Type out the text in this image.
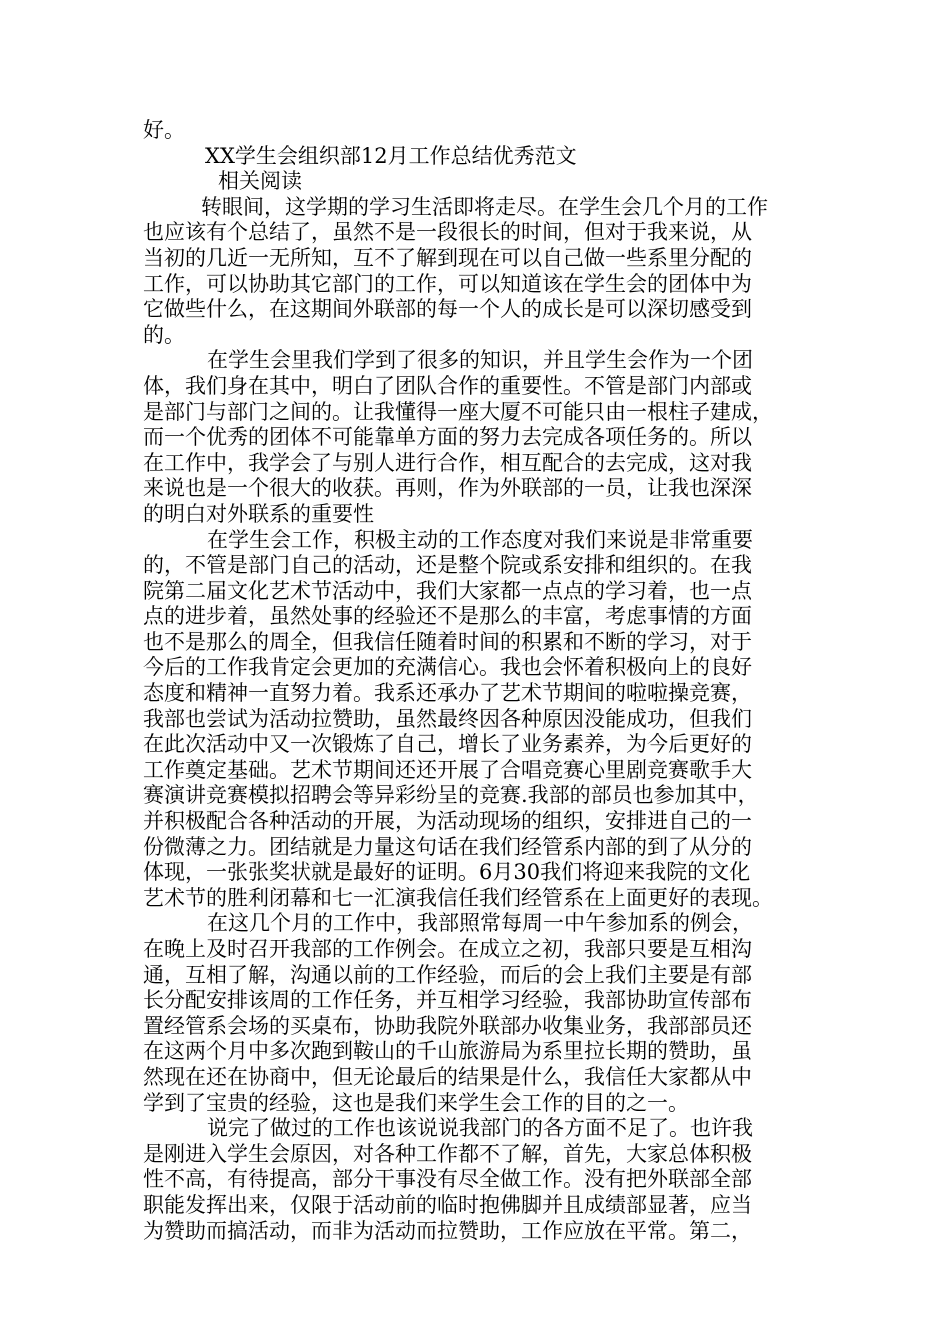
好。
XX学生会组织部12月工作总结优秀范文
相关阅读
转眼间，这学期的学习生活即将走尽。在学生会几个月的工作
也应该有个总结了，虽然不是一段很长的时间，但对于我来说，从
当初的几近一无所知，互不了解到现在可以自己做一些系里分配的
工作，可以协助其它部门的工作，可以知道该在学生会的团体中为
它做些什么，在这期间外联部的每一个人的成长是可以深切感受到
的。
在学生会里我们学到了很多的知识，并且学生会作为一个团
体，我们身在其中，明白了团队合作的重要性。不管是部门内部或
是部门与部门之间的。让我懂得一座大厦不可能只由一根柱子建成，
而一个优秀的团体不可能靠单方面的努力去完成各项任务的。所以
在工作中，我学会了与别人进行合作，相互配合的去完成，这对我
来说也是一个很大的收获。再则，作为外联部的一员，让我也深深
的明白对外联系的重要性
在学生会工作，积极主动的工作态度对我们来说是非常重要
的，不管是部门自己的活动，还是整个院或系安排和组织的。在我
院第二届文化艺术节活动中，我们大家都一点点的学习着，也一点
点的进步着，虽然处事的经验还不是那么的丰富，考虑事情的方面
也不是那么的周全，但我信任随着时间的积累和不断的学习，对于
今后的工作我肯定会更加的充满信心。我也会怀着积极向上的良好
态度和精神一直努力着。我系还承办了艺术节期间的啦啦操竞赛，
我部也尝试为活动拉赞助，虽然最终因各种原因没能成功，但我们
在此次活动中又一次锻炼了自己，增长了业务素养，为今后更好的
工作奠定基础。艺术节期间还还开展了合唱竞赛心里剧竞赛歌手大
赛演讲竞赛模拟招聘会等异彩纷呈的竞赛.我部的部员也参加其中，
并积极配合各种活动的开展，为活动现场的组织，安排进自己的一
份微薄之力。团结就是力量这句话在我们经管系内部的到了从分的
体现，一张张奖状就是最好的证明。6月30我们将迎来我院的文化
艺术节的胜利闭幕和七一汇演我信任我们经管系在上面更好的表现。
在这几个月的工作中，我部照常每周一中午参加系的例会，
在晚上及时召开我部的工作例会。在成立之初，我部只要是互相沟
通，互相了解，沟通以前的工作经验，而后的会上我们主要是有部
长分配安排该周的工作任务，并互相学习经验，我部协助宣传部布
置经管系会场的买桌布，协助我院外联部办收集业务，我部部员还
在这两个月中多次跑到鞍山的千山旅游局为系里拉长期的赞助，虽
然现在还在协商中，但无论最后的结果是什么，我信任大家都从中
学到了宝贵的经验，这也是我们来学生会工作的目的之一。
说完了做过的工作也该说说我部门的各方面不足了。也许我
是刚进入学生会原因，对各种工作都不了解，首先，大家总体积极
性不高，有待提高，部分干事没有尽全做工作。没有把外联部全部
职能发挥出来，仅限于活动前的临时抱佛脚并且成绩部显著，应当
为赞助而搞活动，而非为活动而拉赞助，工作应放在平常。第二，
